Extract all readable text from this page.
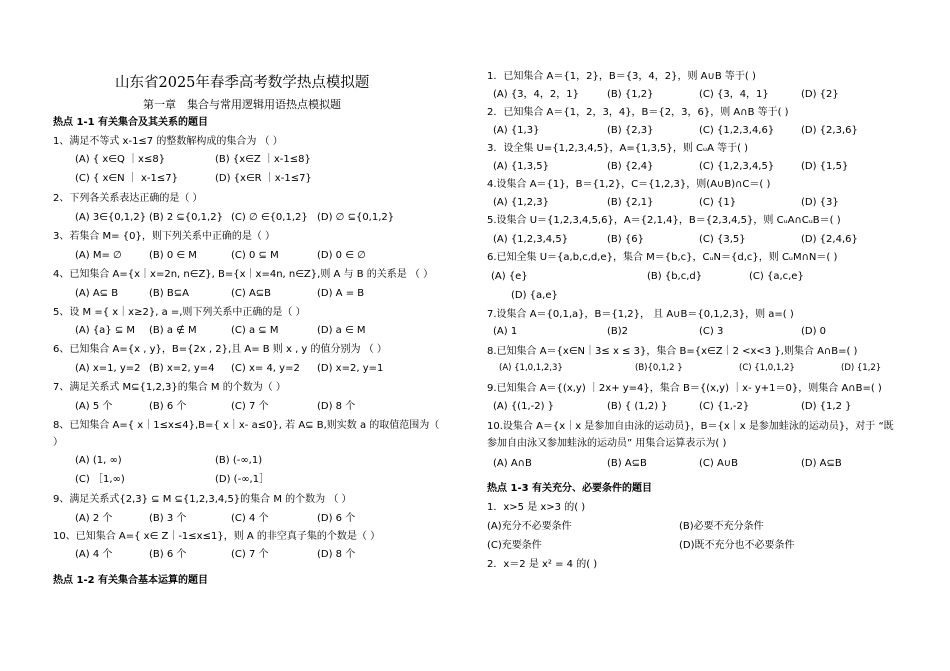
山东省2025年春季高考数学热点模拟题
第一章　集合与常用逻辑用语热点模拟题
热点 1-1 有关集合及其关系的题目
1、满足不等式 x-1≤7 的整数解构成的集合为 （ ）
(A) { x∈Q ｜x≤8}	(B) {x∈Z ｜x-1≤8}
(C) { x∈N ｜ x-1≤7}	(D) {x∈R ｜x-1≤7}
2、下列各关系表达正确的是（ ）
(A) 3∈{0,1,2} (B) 2 ⊆{0,1,2} (C) ∅ ∈{0,1,2} (D) ∅ ⊆{0,1,2}
3、若集合 M= {0}，则下列关系中正确的是（ ）
(A) M= ∅	(B) 0 ∈ M	(C) 0 ⊆ M	(D) 0 ∈ ∅
4、已知集合 A={x｜x=2n, n∈Z}, B={x｜x=4n, n∈Z},则 A 与 B 的关系是 （ ）
(A) A⊆ B	(B) B⊆A	(C) A⊆B	(D) A = B
5、设 M ={ x｜x≥2}, a =,则下列关系中正确的是（ ）
(A) {a} ⊆ M (B) a ∉ M	(C) a ⊆ M	(D) a ∈ M
6、已知集合 A={x , y}，B={2x , 2},且 A= B 则 x , y 的值分别为 （ ）
(A) x=1, y=2 (B) x=2, y=4 (C) x= 4, y=2 (D) x=2, y=1
7、满足关系式 M⊆{1,2,3}的集合 M 的个数为（ ）
(A) 5 个	(B) 6 个	(C) 7 个	(D) 8 个
8、已知集合 A={ x｜1≤x≤4},B={ x｜x- a≤0}, 若 A⊆ B,则实数 a 的取值范围为（
）
(A) (1, ∞)	(B) (-∞,1)
(C) ［1,∞)	(D) (-∞,1］
9、满足关系式{2,3} ⊆ M ⊆{1,2,3,4,5}的集合 M 的个数为 （ ）
(A) 2 个	(B) 3 个	(C) 4 个	(D) 6 个
10、已知集合 A={ x∈ Z｜-1≤x≤1}，则 A 的非空真子集的个数是（ ）
(A) 4 个	(B) 6 个	(C) 7 个	(D) 8 个
热点 1-2 有关集合基本运算的题目
1．已知集合 A＝{1，2}，B＝{3，4，2}，则 A∪B 等于( )
(A) {3，4，2，1}	(B) {1,2}	(C) {3，4，1}	(D) {2}
2．已知集合 A＝{1，2，3，4}，B＝{2，3，6}，则 A∩B 等于( )
(A) {1,3}	(B) {2,3}	(C) {1,2,3,4,6}	(D) {2,3,6}
3．设全集 U={1,2,3,4,5}，A={1,3,5}，则 CᵤA 等于( )
(A) {1,3,5}	(B) {2,4}	(C) {1,2,3,4,5}	(D) {1,5}
4.设集合 A＝{1}，B＝{1,2}，C＝{1,2,3}，则(A∪B)∩C＝( )
(A) {1,2,3}	(B) {2,1}	(C) {1}	(D) {3}
5.设集合 U＝{1,2,3,4,5,6}，A＝{2,1,4}，B＝{2,3,4,5}，则 CᵤA∩CᵤB＝( )
(A) {1,2,3,4,5}	(B) {6}	(C) {3,5}	(D) {2,4,6}
6.已知全集 U＝{a,b,c,d,e}，集合 M＝{b,c}，CᵤN＝{d,c}，则 CᵤM∩N＝( )
(A) {e}	(B) {b,c,d}	(C) {a,c,e}
(D) {a,e}
7.设集合 A＝{0,1,a}，B＝{1,2}， 且 A∪B＝{0,1,2,3}，则 a=( )
(A) 1	(B)2	(C) 3	(D) 0
8.已知集合 A＝{x∈N｜3≤ x ≤ 3}，集合 B={x∈Z｜2 <x<3 },则集合 A∩B=( )
(A) {1,0,1,2,3}	(B){0,1,2 }	(C) {1,0,1,2}	(D) {1,2}
9.已知集合 A＝{(x,y) ｜2x+ y=4}，集合 B＝{(x,y) ｜x- y+1＝0}，则集合 A∩B=( )
(A) {(1,-2) }	(B) { (1,2) }	(C) {1,-2}	(D) {1,2 }
10.设集合 A＝{x｜x 是参加自由泳的运动员}，B＝{x｜x 是参加蛙泳的运动员}，对于 “既
参加自由泳又参加蛙泳的运动员” 用集合运算表示为( )
(A) A∩B	(B) A⊆B	(C) A∪B	(D) A⊆B
热点 1-3 有关充分、必要条件的题目
1．x>5 是 x>3 的( )
(A)充分不必要条件	(B)必要不充分条件
(C)充要条件	(D)既不充分也不必要条件
2．x＝2 是 x² = 4 的( )
